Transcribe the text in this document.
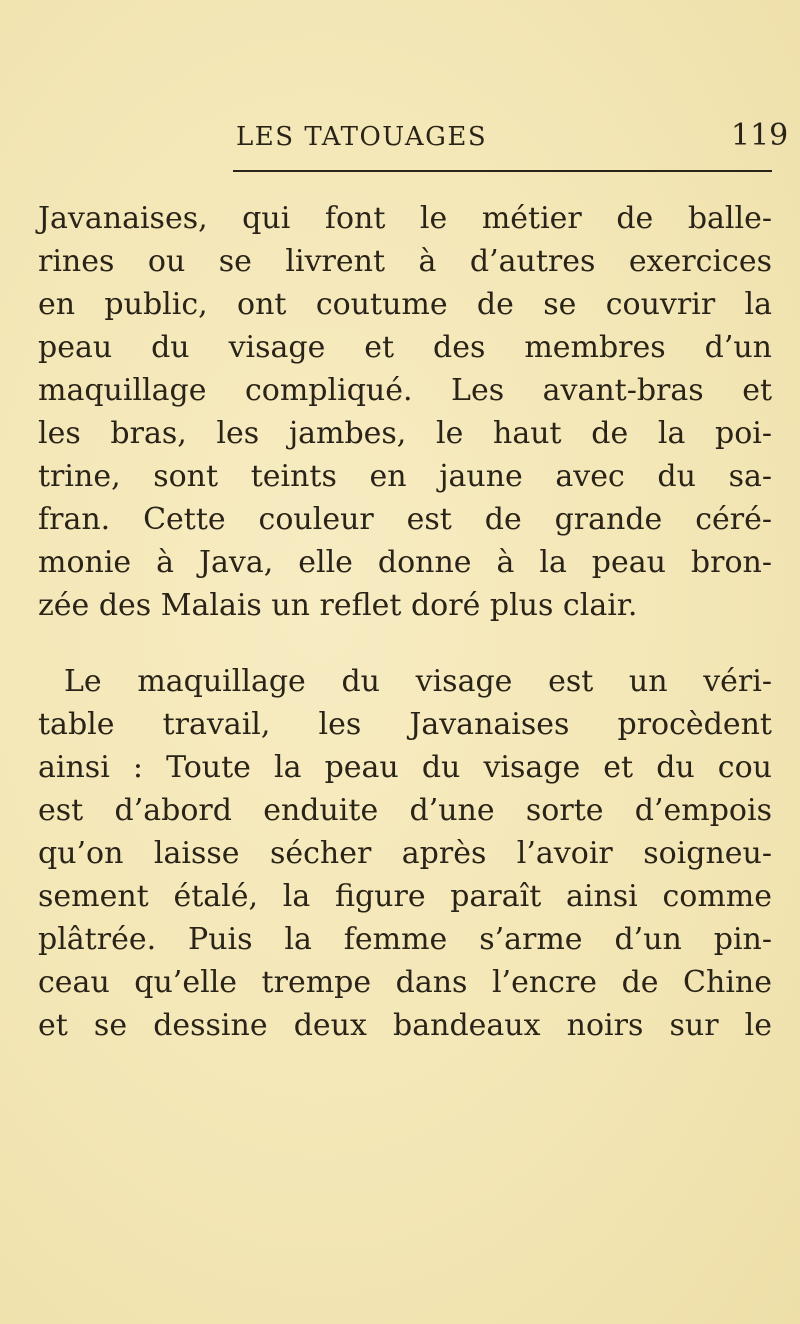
LES TATOUAGES	119
Javanaises, qui font le métier de balle-
rines ou se livrent à d’autres exercices
en public, ont coutume de se couvrir la
peau du visage et des membres d’un
maquillage compliqué. Les avant-bras et
les bras, les jambes, le haut de la poi-
trine, sont teints en jaune avec du sa-
fran. Cette couleur est de grande céré-
monie à Java, elle donne à la peau bron-
zée des Malais un reflet doré plus clair.
Le maquillage du visage est un véri-
table travail, les Javanaises procèdent
ainsi : Toute la peau du visage et du cou
est d’abord enduite d’une sorte d’empois
qu’on laisse sécher après l’avoir soigneu-
sement étalé, la figure paraît ainsi comme
plâtrée. Puis la femme s’arme d’un pin-
ceau qu’elle trempe dans l’encre de Chine
et se dessine deux bandeaux noirs sur le
